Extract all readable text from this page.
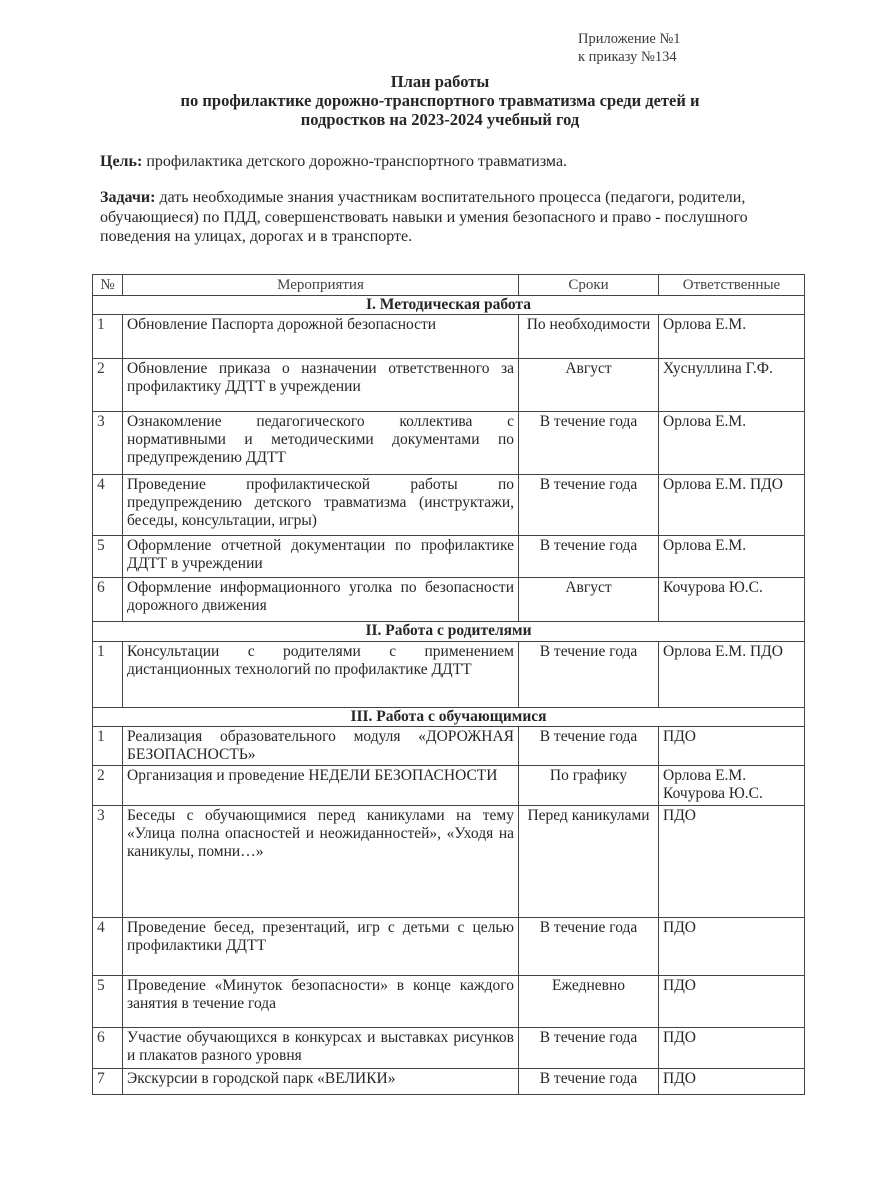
Приложение №1
к приказу №134
План работы
по профилактике дорожно-транспортного травматизма среди детей и
подростков на 2023-2024 учебный год
Цель: профилактика детского дорожно-транспортного травматизма.
Задачи: дать необходимые знания участникам воспитательного процесса (педагоги, родители, обучающиеся) по ПДД, совершенствовать навыки и умения безопасного и право - послушного поведения на улицах, дорогах и в транспорте.
№	Мероприятия	Сроки	Ответственные
I. Методическая работа			
1	Обновление Паспорта дорожной безопасности	По необходимости	Орлова Е.М.
2	Обновление приказа о назначении ответственного за профилактику ДДТТ в учреждении	Август	Хуснуллина Г.Ф.
3	Ознакомление педагогического коллектива с нормативными и методическими документами по предупреждению ДДТТ	В течение года	Орлова Е.М.
4	Проведение профилактической работы по предупреждению детского травматизма (инструктажи, беседы, консультации, игры)	В течение года	Орлова Е.М. ПДО
5	Оформление отчетной документации по профилактике ДДТТ в учреждении	В течение года	Орлова Е.М.
6	Оформление информационного уголка по безопасности дорожного движения	Август	Кочурова Ю.С.
II. Работа с родителями			
1	Консультации с родителями с применением дистанционных технологий по профилактике ДДТТ	В течение года	Орлова Е.М. ПДО
III. Работа с обучающимися			
1	Реализация образовательного модуля «ДОРОЖНАЯ БЕЗОПАСНОСТЬ»	В течение года	ПДО
2	Организация и проведение НЕДЕЛИ БЕЗОПАСНОСТИ	По графику	Орлова Е.М. Кочурова Ю.С.
3	Беседы с обучающимися перед каникулами на тему «Улица полна опасностей и неожиданностей», «Уходя на каникулы, помни…»	Перед каникулами	ПДО
4	Проведение бесед, презентаций, игр с детьми с целью профилактики ДДТТ	В течение года	ПДО
5	Проведение «Минуток безопасности» в конце каждого занятия в течение года	Ежедневно	ПДО
6	Участие обучающихся в конкурсах и выставках рисунков и плакатов разного уровня	В течение года	ПДО
7	Экскурсии в городской парк «ВЕЛИКИ»	В течение года	ПДО
